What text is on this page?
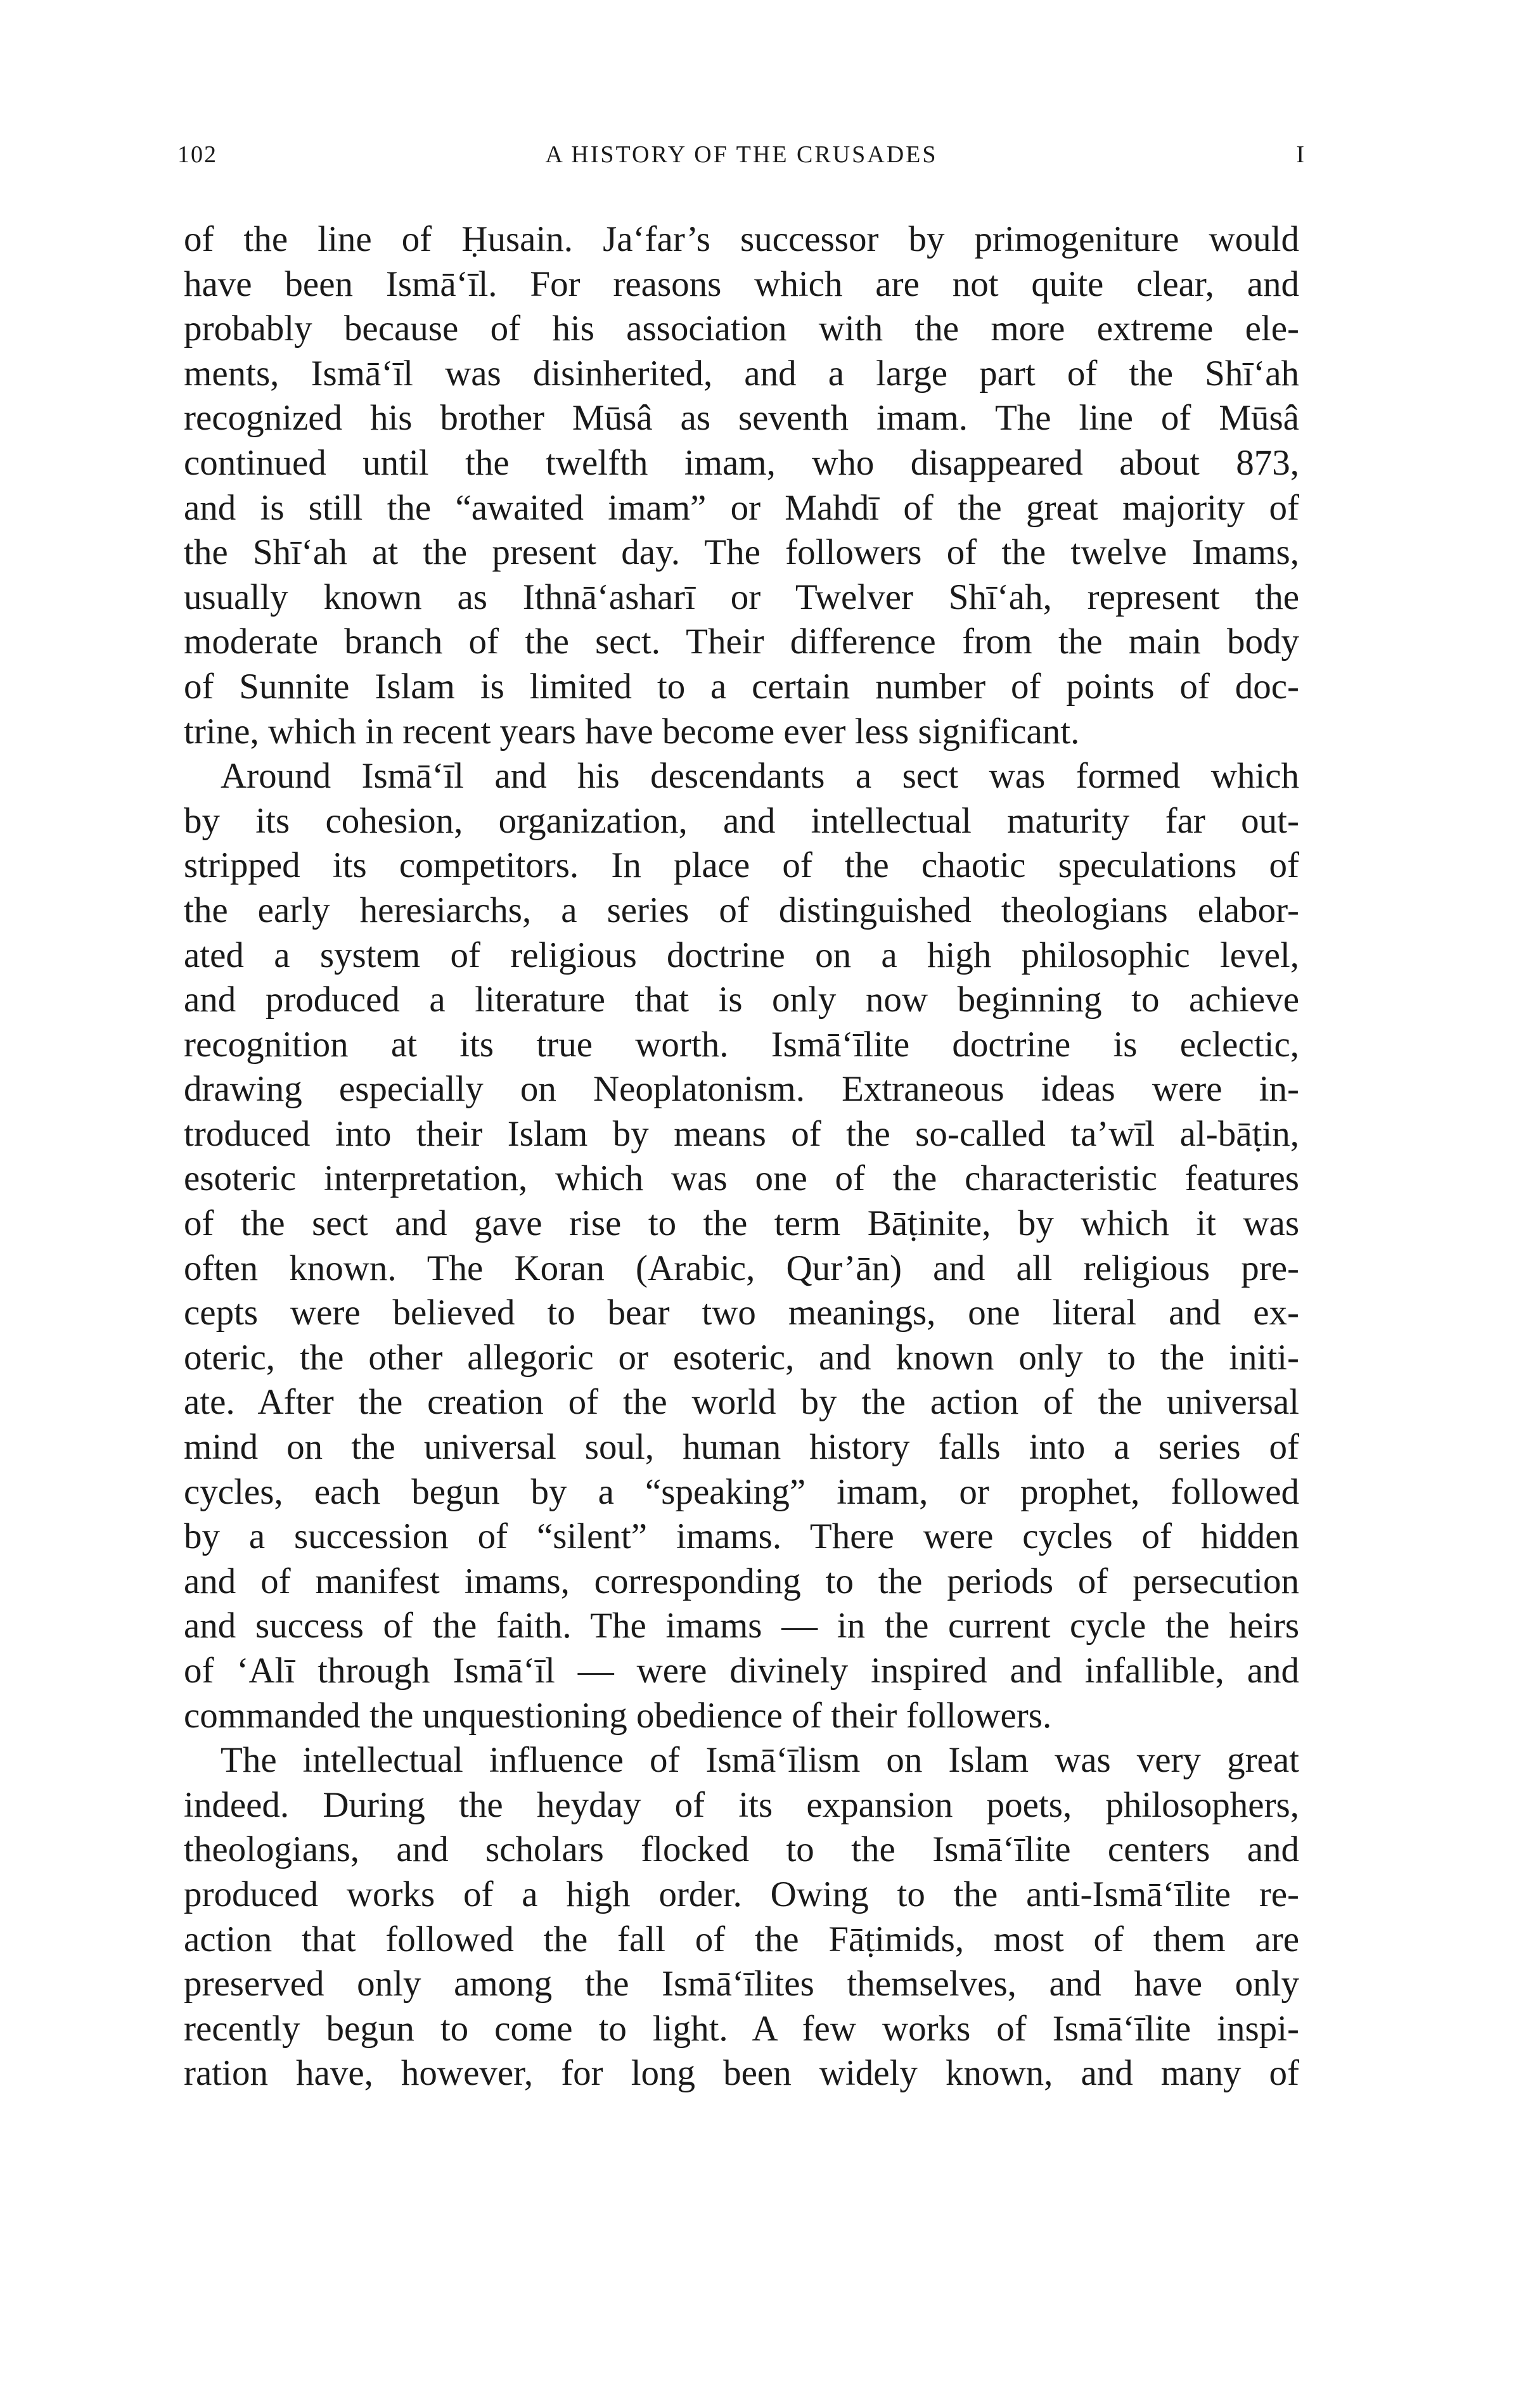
102	A HISTORY OF THE CRUSADES	I
of the line of Ḥusain. Ja‘far’s successor by primogeniture would
have been Ismā‘īl. For reasons which are not quite clear, and
probably because of his association with the more extreme ele-
ments, Ismā‘īl was disinherited, and a large part of the Shī‘ah
recognized his brother Mūsâ as seventh imam. The line of Mūsâ
continued until the twelfth imam, who disappeared about 873,
and is still the “awaited imam” or Mahdī of the great majority of
the Shī‘ah at the present day. The followers of the twelve Imams,
usually known as Ithnā‘asharī or Twelver Shī‘ah, represent the
moderate branch of the sect. Their difference from the main body
of Sunnite Islam is limited to a certain number of points of doc-
trine, which in recent years have become ever less significant.
Around Ismā‘īl and his descendants a sect was formed which
by its cohesion, organization, and intellectual maturity far out-
stripped its competitors. In place of the chaotic speculations of
the early heresiarchs, a series of distinguished theologians elabor-
ated a system of religious doctrine on a high philosophic level,
and produced a literature that is only now beginning to achieve
recognition at its true worth. Ismā‘īlite doctrine is eclectic,
drawing especially on Neoplatonism. Extraneous ideas were in-
troduced into their Islam by means of the so-called ta’wīl al-bāṭin,
esoteric interpretation, which was one of the characteristic features
of the sect and gave rise to the term Bāṭinite, by which it was
often known. The Koran (Arabic, Qur’ān) and all religious pre-
cepts were believed to bear two meanings, one literal and ex-
oteric, the other allegoric or esoteric, and known only to the initi-
ate. After the creation of the world by the action of the universal
mind on the universal soul, human history falls into a series of
cycles, each begun by a “speaking” imam, or prophet, followed
by a succession of “silent” imams. There were cycles of hidden
and of manifest imams, corresponding to the periods of persecution
and success of the faith. The imams — in the current cycle the heirs
of ‘Alī through Ismā‘īl — were divinely inspired and infallible, and
commanded the unquestioning obedience of their followers.
The intellectual influence of Ismā‘īlism on Islam was very great
indeed. During the heyday of its expansion poets, philosophers,
theologians, and scholars flocked to the Ismā‘īlite centers and
produced works of a high order. Owing to the anti-Ismā‘īlite re-
action that followed the fall of the Fāṭimids, most of them are
preserved only among the Ismā‘īlites themselves, and have only
recently begun to come to light. A few works of Ismā‘īlite inspi-
ration have, however, for long been widely known, and many of
